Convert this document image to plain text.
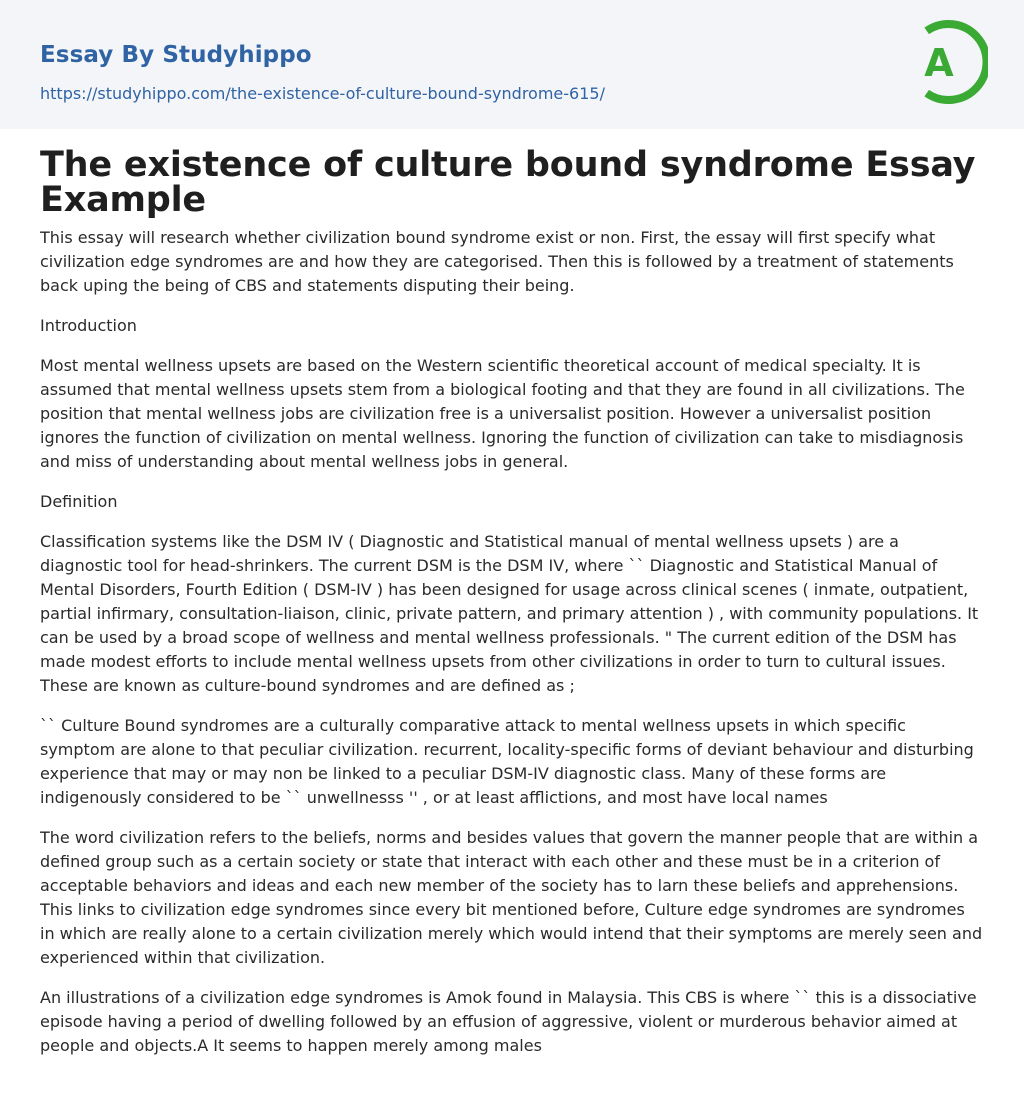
Essay By Studyhippo
https://studyhippo.com/the-existence-of-culture-bound-syndrome-615/
A
The existence of culture bound syndrome Essay Example

This essay will research whether civilization bound syndrome exist or non. First, the essay will first specify what civilization edge syndromes are and how they are categorised. Then this is followed by a treatment of statements back uping the being of CBS and statements disputing their being.

Introduction

Most mental wellness upsets are based on the Western scientific theoretical account of medical specialty. It is assumed that mental wellness upsets stem from a biological footing and that they are found in all civilizations. The position that mental wellness jobs are civilization free is a universalist position. However a universalist position ignores the function of civilization on mental wellness. Ignoring the function of civilization can take to misdiagnosis and miss of understanding about mental wellness jobs in general.

Definition

Classification systems like the DSM IV ( Diagnostic and Statistical manual of mental wellness upsets ) are a diagnostic tool for head-shrinkers. The current DSM is the DSM IV, where `` Diagnostic and Statistical Manual of Mental Disorders, Fourth Edition ( DSM-IV ) has been designed for usage across clinical scenes ( inmate, outpatient, partial infirmary, consultation-liaison, clinic, private pattern, and primary attention ) , with community populations. It can be used by a broad scope of wellness and mental wellness professionals. " The current edition of the DSM has made modest efforts to include mental wellness upsets from other civilizations in order to turn to cultural issues. These are known as culture-bound syndromes and are defined as ;

`` Culture Bound syndromes are a culturally comparative attack to mental wellness upsets in which specific symptom are alone to that peculiar civilization. recurrent, locality-specific forms of deviant behaviour and disturbing experience that may or may non be linked to a peculiar DSM-IV diagnostic class. Many of these forms are indigenously considered to be `` unwellnesss '' , or at least afflictions, and most have local names

The word civilization refers to the beliefs, norms and besides values that govern the manner people that are within a defined group such as a certain society or state that interact with each other and these must be in a criterion of acceptable behaviors and ideas and each new member of the society has to larn these beliefs and apprehensions. This links to civilization edge syndromes since every bit mentioned before, Culture edge syndromes are syndromes in which are really alone to a certain civilization merely which would intend that their symptoms are merely seen and experienced within that civilization.

An illustrations of a civilization edge syndromes is Amok found in Malaysia. This CBS is where `` this is a dissociative episode having a period of dwelling followed by an effusion of aggressive, violent or murderous behavior aimed at people and objects.A It seems to happen merely among males
